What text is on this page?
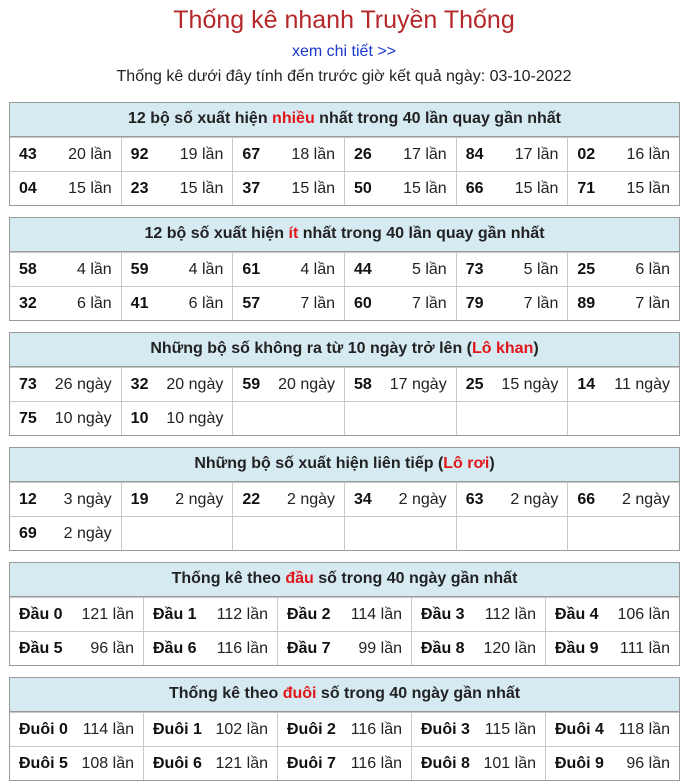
Thống kê nhanh Truyền Thống
xem chi tiết >>
Thống kê dưới đây tính đến trước giờ kết quả ngày: 03-10-2022
12 bộ số xuất hiện nhiều nhất trong 40 lần quay gần nhất
43 20 lần 92 19 lần 67 18 lần 26 17 lần 84 17 lần 02 16 lần
04 15 lần 23 15 lần 37 15 lần 50 15 lần 66 15 lần 71 15 lần
12 bộ số xuất hiện ít nhất trong 40 lần quay gần nhất
58	4 lần 59	4 lần 61	4 lần 44	5 lần 73	5 lần 25	6 lần
32	6 lần 41	6 lần 57	7 lần 60	7 lần 79	7 lần 89	7 lần
Những bộ số không ra từ 10 ngày trở lên (Lô khan)
73 26 ngày 32 20 ngày 59 20 ngày 58 17 ngày 25 15 ngày 14 11 ngày
75 10 ngày 10 10 ngày
Những bộ số xuất hiện liên tiếp (Lô rơi)
12 3 ngày 19 2 ngày 22 2 ngày 34 2 ngày 63 2 ngày 66 2 ngày
69 2 ngày
Thống kê theo đầu số trong 40 ngày gần nhất
Đầu 0 121 lần Đầu 1 112 lần Đầu 2 114 lần Đầu 3 112 lần Đầu 4 106 lần
Đầu 5 96 lần Đầu 6 116 lần Đầu 7 99 lần Đầu 8 120 lần Đầu 9 111 lần
Thống kê theo đuôi số trong 40 ngày gần nhất
Đuôi 0 114 lần Đuôi 1 102 lần Đuôi 2 116 lần Đuôi 3 115 lần Đuôi 4 118 lần
Đuôi 5 108 lần Đuôi 6 121 lần Đuôi 7 116 lần Đuôi 8 101 lần Đuôi 9 96 lần
